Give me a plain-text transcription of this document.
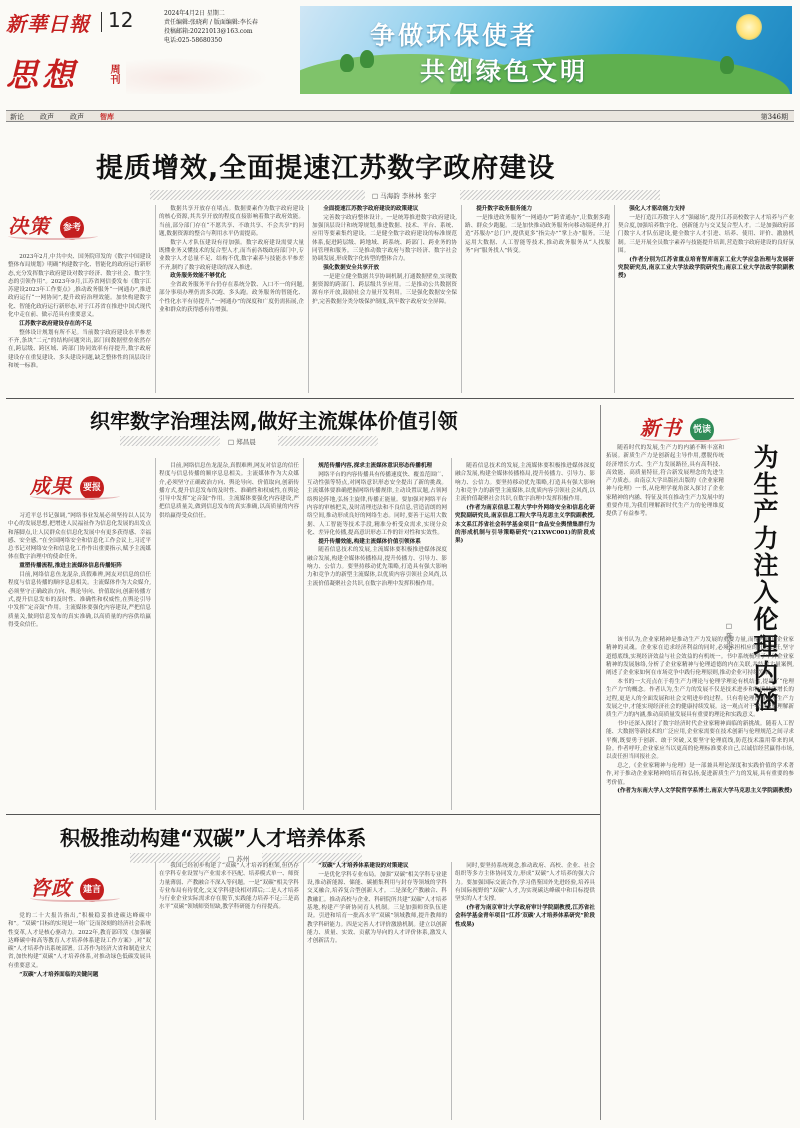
新華日報 12	2024年4月2日 星期二
责任编辑:张晓莉 / 版面编辑:李长春
投稿邮箱:20221013@163.com
电话:025-58680350
思想	周刊
争做环保使者
共创绿色文明
新论 政声 政声 智库	第346期
提质增效,全面提速江苏数字政府建设
□ 马海韵 李林林 张宇
决策	参考

2023年2月,中共中央、国务院印发的《数字中国建设整体布局规划》明确“构建数字化、智能化的政府运行新形态,充分发挥数字政府建设对数字经济、数字社会、数字生态的引领作用”。2023年9月,江苏省网信委发布《数字江苏建设2023年工作要点》,推动政务服务“一网通办”,推进政府运行“一网协同”,提升政府治理效能。加快构建数字化、智能化政府运行新形态,对于江苏省在推进中国式现代化中走在前、做示范具有重要意义。

江苏数字政府建设存在的不足

整体设计规划有所不足。当前数字政府建设水平参差不齐,条块“二元”的结构问题突出,部门间数据壁垒依然存在,跨层级、跨区域、跨部门协同效率有待提升,数字政府建设存在重复建设、多头建设问题,缺乏整体性的顶层设计和统一标准。

数据共享开放存在堵点。数据要素作为数字政府建设的核心资源,其共享开放的程度直接影响着数字政府效能。当前,部分部门存在“不愿共享、不敢共享、不会共享”的问题,数据资源的整合与利用水平仍需提高。

数字人才队伍建设有待加强。数字政府建设需要大量既懂业务又懂技术的复合型人才,而当前各级政府部门中,专业数字人才总量不足、结构不优,数字素养与技能水平参差不齐,制约了数字政府建设的深入推进。

政务服务效能不够优化

全省政务服务平台仍存在系统分散、入口不一的问题,部分事项办理仍需多次跑、多头跑。政务服务的智能化、个性化水平有待提升,“一网通办”的深度和广度仍需拓展,企业和群众的获得感有待增强。

全面提速江苏数字政府建设的政策建议

完善数字政府整体设计。一是统筹推进数字政府建设,加强顶层设计和统筹规划,推进数据、技术、平台、系统、应用等要素集约建设。二是健全数字政府建设的标准规范体系,促进跨层级、跨地域、跨系统、跨部门、跨业务的协同管理和服务。三是推动数字政府与数字经济、数字社会协调发展,形成数字化转型的整体合力。

强化数据安全共享开放

一是建立健全数据共享协调机制,打通数据壁垒,实现数据资源的跨部门、跨层级共享应用。二是推动公共数据资源有序开放,鼓励社会力量开发利用。三是强化数据安全保护,完善数据分类分级保护制度,筑牢数字政府安全屏障。

提升数字政务服务能力

一是推进政务服务“一网通办”“跨省通办”,让数据多跑路、群众少跑腿。二是加快推动政务服务向移动端延伸,打造“苏服办”总门户,提供更多“指尖办”“掌上办”服务。三是运用大数据、人工智能等技术,推动政务服务从“人找服务”向“服务找人”转变。

强化人才驱动能力支持

一是打造江苏数字人才“强磁场”,提升江苏高校数字人才培养与产业契合度,加强培养数字化、创新能力与交叉复合型人才。二是加强政府部门数字人才队伍建设,健全数字人才引进、培养、使用、评价、激励机制。三是开展全员数字素养与技能提升培训,营造数字政府建设的良好氛围。

(作者分别为江苏省重点培育智库南京工业大学应急治理与发展研究院研究员,南京工业大学法政学院研究生;南京工业大学法政学院副教授)

织牢数字治理法网,做好主流媒体价值引领
□ 郑昌晨
成果	要报

习近平总书记强调,“网络事业发展必须坚持以人民为中心的发展思想,把增进人民福祉作为信息化发展的出发点和落脚点,让人民群众在信息化发展中有更多获得感、幸福感、安全感。”在全国网络安全和信息化工作会议上,习近平总书记对网络安全和信息化工作作出重要指示,赋予主流媒体在数字治理中的使命任务。

重塑传播流程,推进主流媒体信息传播矩阵

目前,网络信息鱼龙混杂,真假难辨,网友对信息的信任程度与信息传播的顺序息息相关。主流媒体作为大众媒介,必须坚守正确政治方向、舆论导向、价值取向,创新传播方式,提升信息发布的及时性、准确性和权威性,在舆论引导中发挥“定音鼓”作用。主流媒体要强化内容建设,严把信息质量关,做到信息发布的真实准确,以高质量的内容供给赢得受众信任。

目前,网络信息鱼龙混杂,真假难辨,网友对信息的信任程度与信息传播的顺序息息相关。主流媒体作为大众媒介,必须坚守正确政治方向、舆论导向、价值取向,创新传播方式,提升信息发布的及时性、准确性和权威性,在舆论引导中发挥“定音鼓”作用。主流媒体要强化内容建设,严把信息质量关,做到信息发布的真实准确,以高质量的内容供给赢得受众信任。

规范传播内容,探求主流媒体意识形态传播机理

网络平台的内容传播具有传播速度快、覆盖范围广、互动性强等特点,对网络意识形态安全提出了新的挑战。主流媒体要准确把握网络传播规律,主动设置议题,占领网络舆论阵地,弘扬主旋律,传播正能量。要加强对网络平台内容的审核把关,及时清理违法和不良信息,营造清朗的网络空间,推动形成良好的网络生态。同时,要善于运用大数据、人工智能等技术手段,精准分析受众需求,实现分众化、差异化传播,提高意识形态工作的针对性和实效性。

提升传播效能,构建主流媒体价值引领体系

随着信息技术的发展,主流媒体要积极推进媒体深度融合发展,构建全媒体传播格局,提升传播力、引导力、影响力、公信力。要坚持移动优先策略,打造具有强大影响力和竞争力的新型主流媒体,以优质内容引领社会风尚,以主流价值凝聚社会共识,在数字治理中发挥积极作用。

随着信息技术的发展,主流媒体要积极推进媒体深度融合发展,构建全媒体传播格局,提升传播力、引导力、影响力、公信力。要坚持移动优先策略,打造具有强大影响力和竞争力的新型主流媒体,以优质内容引领社会风尚,以主流价值凝聚社会共识,在数字治理中发挥积极作用。

(作者为南京信息工程大学中外网络安全和信息化研究院副研究员,南京信息工程大学马克思主义学院副教授,本文系江苏省社会科学基金项目“食品安全舆情集群行为的形成机制与引导策略研究”(21XWC001)的阶段成果)

新书	悦读
为生产力注入伦理内涵
□ 陈东宇

随着时代的发展,生产力的内涵不断丰富和拓展。新质生产力是创新起主导作用,摆脱传统经济增长方式、生产力发展路径,具有高科技、高效能、高质量特征,符合新发展理念的先进生产力质态。由南京大学出版社出版的《企业家精神与伦理》一书,从伦理学视角深入探讨了企业家精神的内涵、特征及其在推动生产力发展中的重要作用,为我们理解新时代生产力的伦理维度提供了有益参考。

该书认为,企业家精神是推动生产力发展的重要力量,而伦理则是企业家精神的灵魂。企业家在追求经济利益的同时,必须承担相应的社会责任,坚守道德底线,实现经济效益与社会效益的有机统一。书中系统梳理了中外企业家精神的发展脉络,分析了企业家精神与伦理道德的内在关联,并结合大量案例,阐述了企业家如何在市场竞争中践行伦理原则,推动企业可持续发展。

本书的一大亮点在于将生产力理论与伦理学理论有机结合,提出了“伦理生产力”的概念。作者认为,生产力的发展不仅是技术进步和物质财富增长的过程,更是人的全面发展和社会文明进步的过程。只有将伦理价值融入生产力发展之中,才能实现经济社会的健康持续发展。这一观点对于我们深刻理解新质生产力的内涵,推动高质量发展具有重要的理论和实践意义。

书中还深入探讨了数字经济时代企业家精神面临的新挑战。随着人工智能、大数据等新技术的广泛应用,企业家需要在技术创新与伦理规范之间寻求平衡,既要勇于创新、敢于突破,又要坚守伦理底线,防范技术滥用带来的风险。作者呼吁,企业家应当以更高的伦理标准要求自己,以诚信经营赢得市场,以责任担当回报社会。

总之,《企业家精神与伦理》是一部兼具理论深度和实践价值的学术著作,对于推动企业家精神的培育和弘扬,促进新质生产力的发展,具有重要的参考价值。

(作者为东南大学人文学院哲学系博士,南京大学马克思主义学院副教授)

积极推动构建“双碳”人才培养体系
□ 苏州
咨政	建言

党的二十大报告指出,“积极稳妥推进碳达峰碳中和”。“双碳”目标的实现是一场广泛而深刻的经济社会系统性变革,人才是核心驱动力。2022年,教育部印发《加强碳达峰碳中和高等教育人才培养体系建设工作方案》,对“双碳”人才培养作出系统部署。江苏作为经济大省和制造业大省,加快构建“双碳”人才培养体系,对推动绿色低碳发展具有重要意义。

“双碳”人才培养面临的关键问题

我国已经初步构建了“双碳”人才培养的框架,但仍存在学科专业设置与产业需求不匹配、培养模式单一、师资力量薄弱、产教融合不深入等问题。一是“双碳”相关学科专业布局有待优化,交叉学科建设相对滞后;二是人才培养与行业企业实际需求存在脱节,实践能力培养不足;三是高水平“双碳”领域师资短缺,教学科研能力有待提高。

“双碳”人才培养体系建设的对策建议

一是优化学科专业布局。加强“双碳”相关学科专业建设,推动新能源、储能、碳捕集利用与封存等领域的学科交叉融合,培养复合型创新人才。二是深化产教融合、科教融汇。推动高校与企业、科研院所共建“双碳”人才培养基地,构建产学研协同育人机制。三是加强师资队伍建设。引进和培育一批高水平“双碳”领域教师,提升教师的教学科研能力。四是完善人才评价激励机制。建立以创新能力、质量、实效、贡献为导向的人才评价体系,激发人才创新活力。

同时,要坚持系统观念,推动政府、高校、企业、社会组织等多方主体协同发力,形成“双碳”人才培养的强大合力。要加强国际交流合作,学习借鉴国外先进经验,培养具有国际视野的“双碳”人才,为实现碳达峰碳中和目标提供坚实的人才支撑。

(作者为南京审计大学政府审计学院副教授,江苏省社会科学基金青年项目“江苏‘双碳’人才培养体系研究”阶段性成果)
